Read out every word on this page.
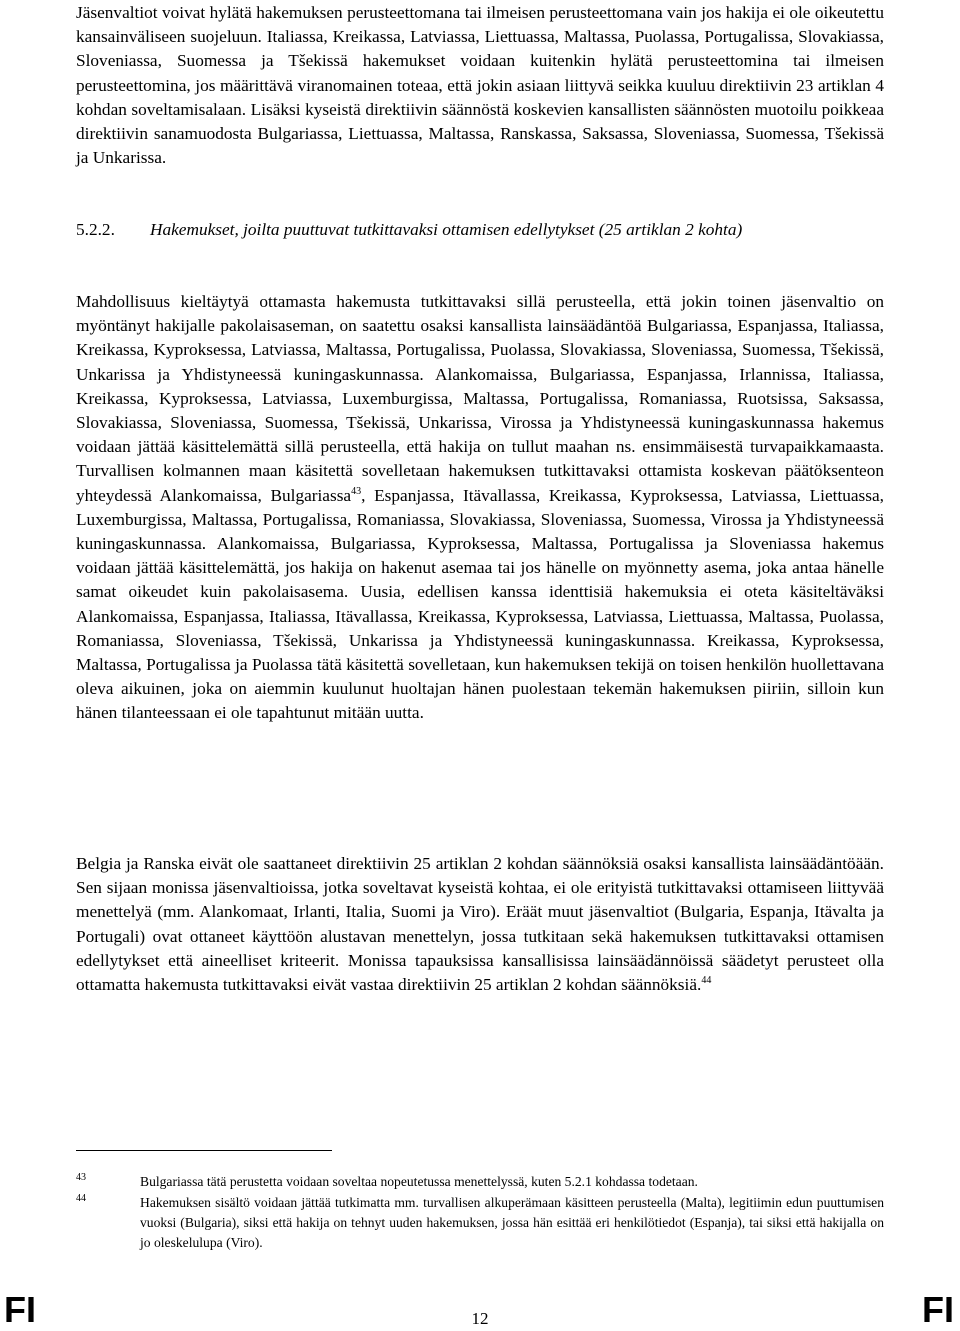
Jäsenvaltiot voivat hylätä hakemuksen perusteettomana tai ilmeisen perusteettomana vain jos hakija ei ole oikeutettu kansainväliseen suojeluun. Italiassa, Kreikassa, Latviassa, Liettuassa, Maltassa, Puolassa, Portugalissa, Slovakiassa, Sloveniassa, Suomessa ja Tšekissä hakemukset voidaan kuitenkin hylätä perusteettomina tai ilmeisen perusteettomina, jos määrittävä viranomainen toteaa, että jokin asiaan liittyvä seikka kuuluu direktiivin 23 artiklan 4 kohdan soveltamisalaan. Lisäksi kyseistä direktiivin säännöstä koskevien kansallisten säännösten muotoilu poikkeaa direktiivin sanamuodosta Bulgariassa, Liettuassa, Maltassa, Ranskassa, Saksassa, Sloveniassa, Suomessa, Tšekissä ja Unkarissa.

5.2.2.	Hakemukset, joilta puuttuvat tutkittavaksi ottamisen edellytykset (25 artiklan 2 kohta)

Mahdollisuus kieltäytyä ottamasta hakemusta tutkittavaksi sillä perusteella, että jokin toinen jäsenvaltio on myöntänyt hakijalle pakolaisaseman, on saatettu osaksi kansallista lainsäädäntöä Bulgariassa, Espanjassa, Italiassa, Kreikassa, Kyproksessa, Latviassa, Maltassa, Portugalissa, Puolassa, Slovakiassa, Sloveniassa, Suomessa, Tšekissä, Unkarissa ja Yhdistyneessä kuningaskunnassa. Alankomaissa, Bulgariassa, Espanjassa, Irlannissa, Italiassa, Kreikassa, Kyproksessa, Latviassa, Luxemburgissa, Maltassa, Portugalissa, Romaniassa, Ruotsissa, Saksassa, Slovakiassa, Sloveniassa, Suomessa, Tšekissä, Unkarissa, Virossa ja Yhdistyneessä kuningaskunnassa hakemus voidaan jättää käsittelemättä sillä perusteella, että hakija on tullut maahan ns. ensimmäisestä turvapaikkamaasta. Turvallisen kolmannen maan käsitettä sovelletaan hakemuksen tutkittavaksi ottamista koskevan päätöksenteon yhteydessä Alankomaissa, Bulgariassa$^{43}$, Espanjassa, Itävallassa, Kreikassa, Kyproksessa, Latviassa, Liettuassa, Luxemburgissa, Maltassa, Portugalissa, Romaniassa, Slovakiassa, Sloveniassa, Suomessa, Virossa ja Yhdistyneessä kuningaskunnassa. Alankomaissa, Bulgariassa, Kyproksessa, Maltassa, Portugalissa ja Sloveniassa hakemus voidaan jättää käsittelemättä, jos hakija on hakenut asemaa tai jos hänelle on myönnetty asema, joka antaa hänelle samat oikeudet kuin pakolaisasema. Uusia, edellisen kanssa identtisiä hakemuksia ei oteta käsiteltäväksi Alankomaissa, Espanjassa, Italiassa, Itävallassa, Kreikassa, Kyproksessa, Latviassa, Liettuassa, Maltassa, Puolassa, Romaniassa, Sloveniassa, Tšekissä, Unkarissa ja Yhdistyneessä kuningaskunnassa. Kreikassa, Kyproksessa, Maltassa, Portugalissa ja Puolassa tätä käsitettä sovelletaan, kun hakemuksen tekijä on toisen henkilön huollettavana oleva aikuinen, joka on aiemmin kuulunut huoltajan hänen puolestaan tekemän hakemuksen piiriin, silloin kun hänen tilanteessaan ei ole tapahtunut mitään uutta.

Belgia ja Ranska eivät ole saattaneet direktiivin 25 artiklan 2 kohdan säännöksiä osaksi kansallista lainsäädäntöään. Sen sijaan monissa jäsenvaltioissa, jotka soveltavat kyseistä kohtaa, ei ole erityistä tutkittavaksi ottamiseen liittyvää menettelyä (mm. Alankomaat, Irlanti, Italia, Suomi ja Viro). Eräät muut jäsenvaltiot (Bulgaria, Espanja, Itävalta ja Portugali) ovat ottaneet käyttöön alustavan menettelyn, jossa tutkitaan sekä hakemuksen tutkittavaksi ottamisen edellytykset että aineelliset kriteerit. Monissa tapauksissa kansallisissa lainsäädännöissä säädetyt perusteet olla ottamatta hakemusta tutkittavaksi eivät vastaa direktiivin 25 artiklan 2 kohdan säännöksiä.$^{44}$

43	Bulgariassa tätä perustetta voidaan soveltaa nopeutetussa menettelyssä, kuten 5.2.1 kohdassa todetaan.
44	Hakemuksen sisältö voidaan jättää tutkimatta mm. turvallisen alkuperämaan käsitteen perusteella (Malta), legitiimin edun puuttumisen vuoksi (Bulgaria), siksi että hakija on tehnyt uuden hakemuksen, jossa hän esittää eri henkilötiedot (Espanja), tai siksi että hakijalla on jo oleskelulupa (Viro).
FI	12	FI
